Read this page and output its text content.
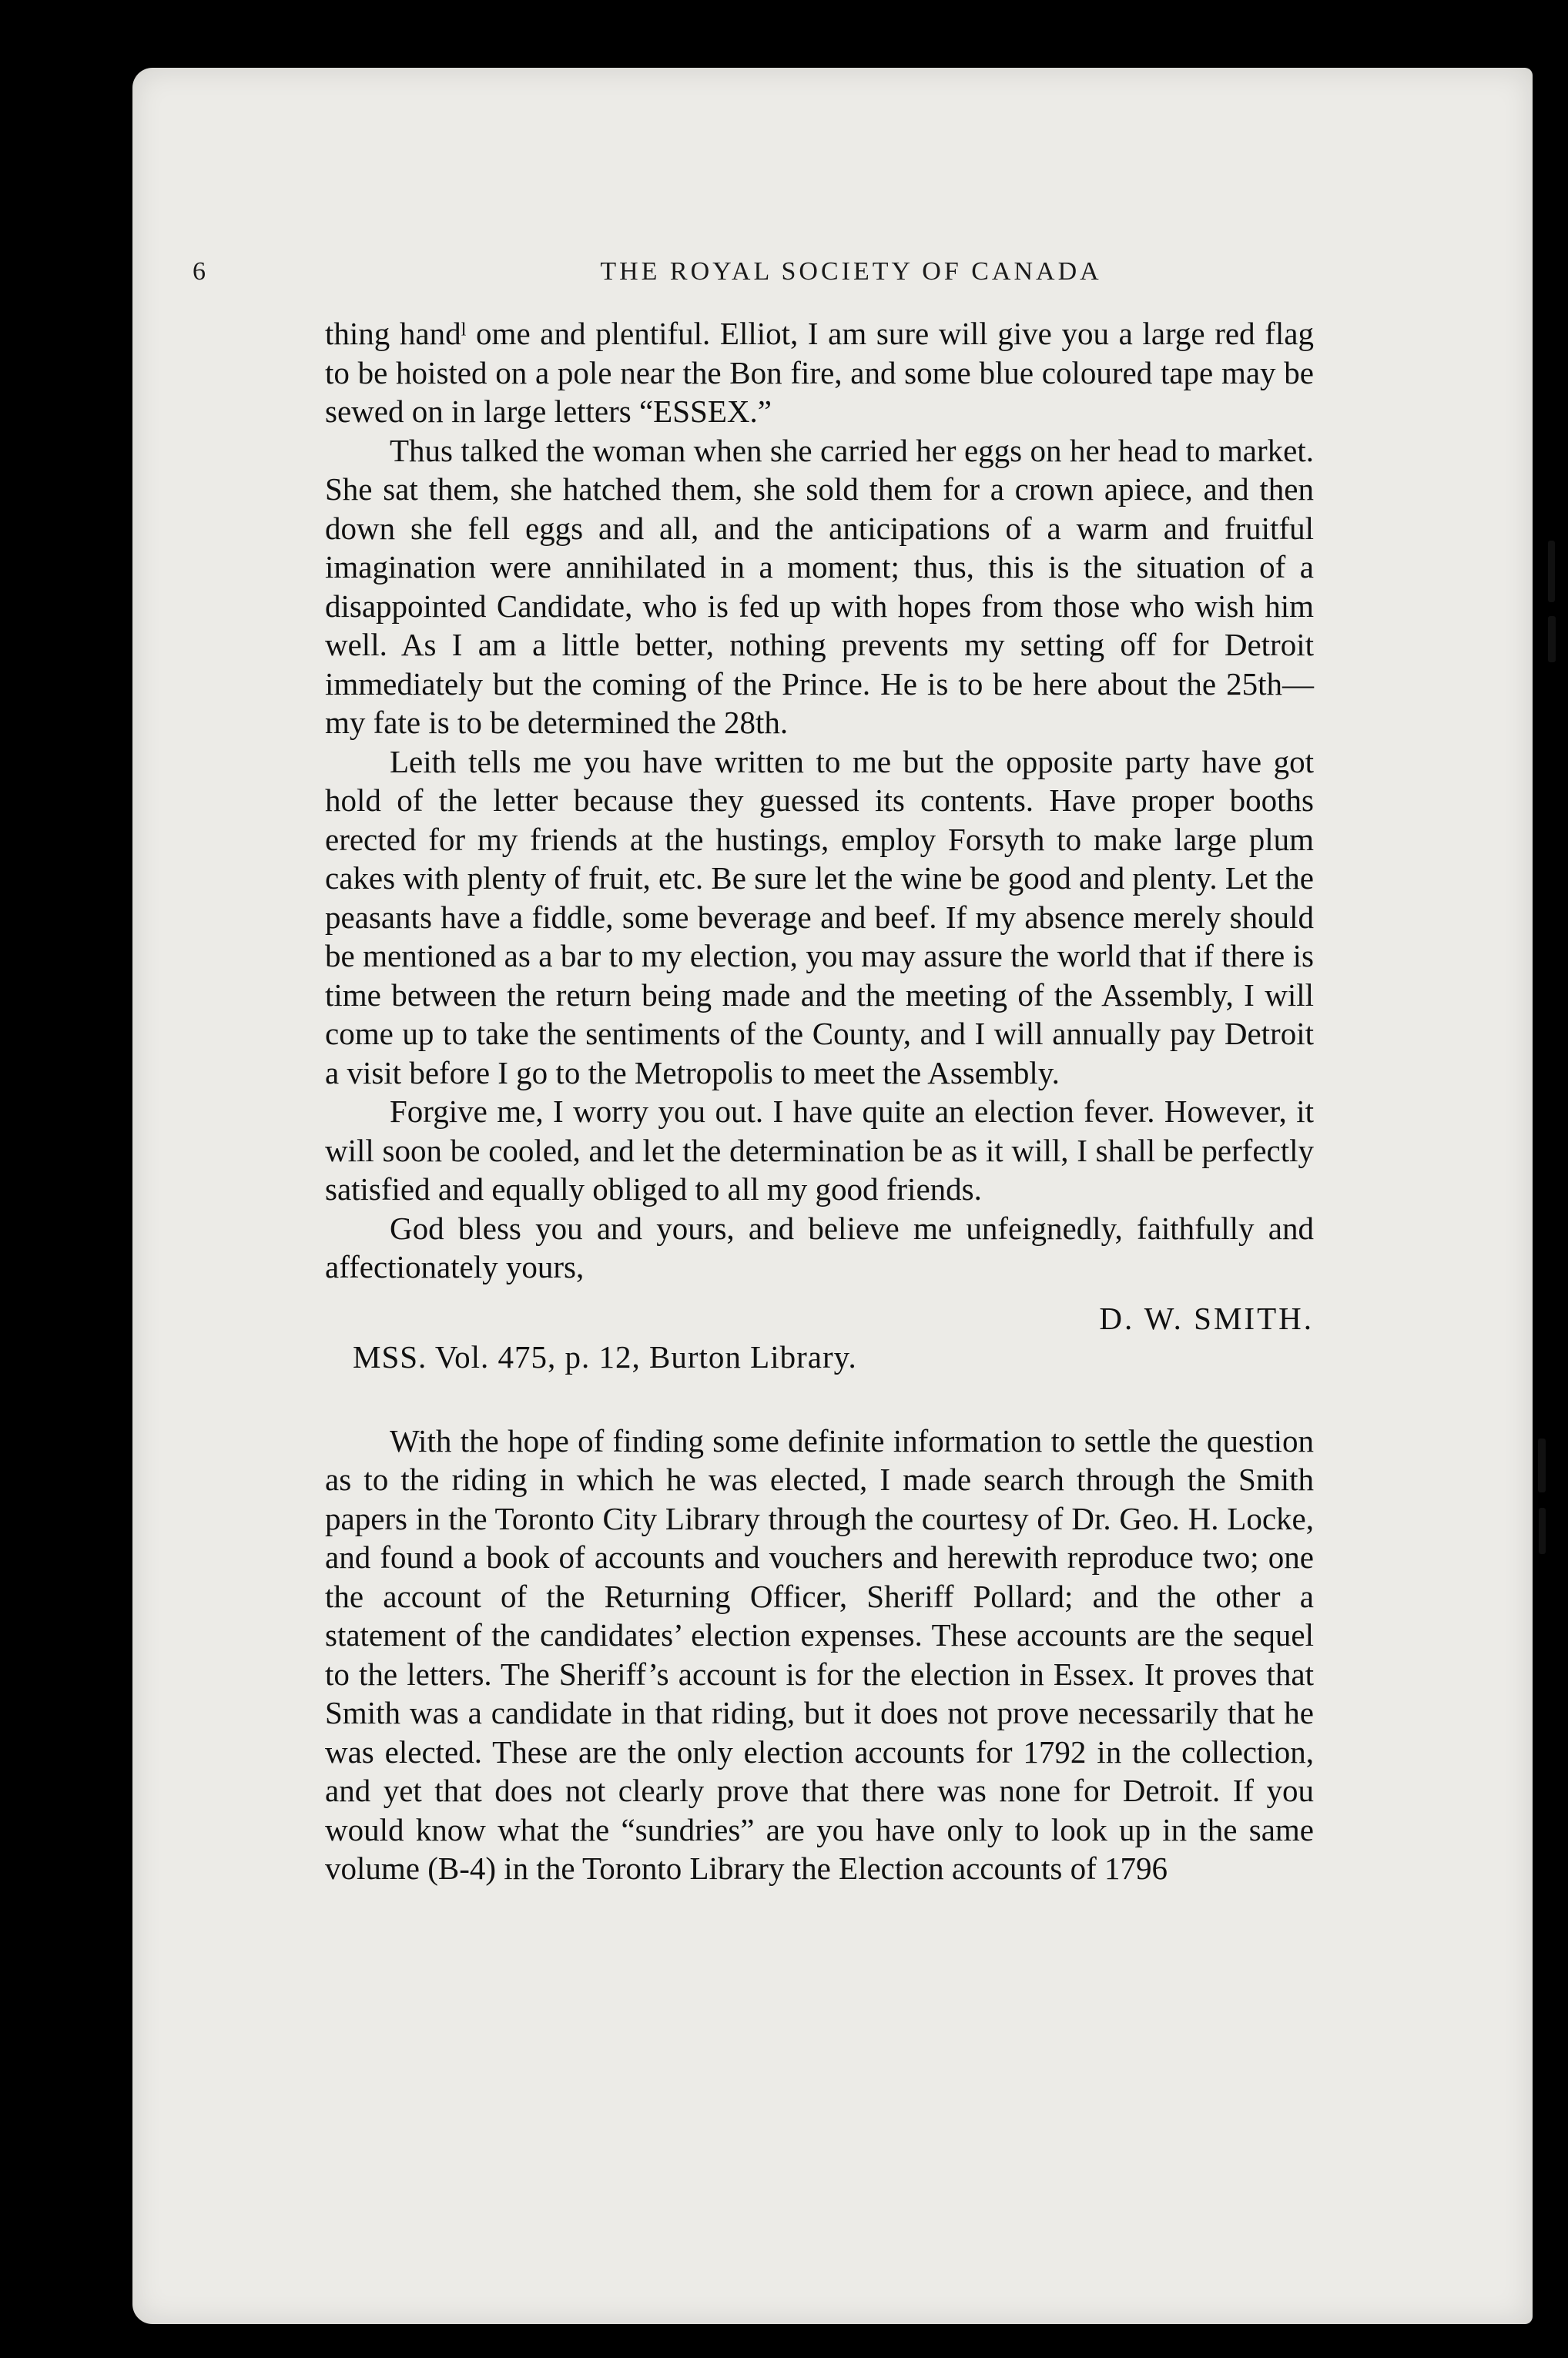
6	THE ROYAL SOCIETY OF CANADA

thing handˡ ome and plentiful. Elliot, I am sure will give you a large red flag to be hoisted on a pole near the Bon fire, and some blue coloured tape may be sewed on in large letters “ESSEX.”

Thus talked the woman when she carried her eggs on her head to market. She sat them, she hatched them, she sold them for a crown apiece, and then down she fell eggs and all, and the anticipations of a warm and fruitful imagination were annihilated in a moment; thus, this is the situation of a disappointed Candidate, who is fed up with hopes from those who wish him well. As I am a little better, nothing prevents my setting off for Detroit immediately but the coming of the Prince. He is to be here about the 25th—my fate is to be determined the 28th.

Leith tells me you have written to me but the opposite party have got hold of the letter because they guessed its contents. Have proper booths erected for my friends at the hustings, employ Forsyth to make large plum cakes with plenty of fruit, etc. Be sure let the wine be good and plenty. Let the peasants have a fiddle, some beverage and beef. If my absence merely should be mentioned as a bar to my election, you may assure the world that if there is time between the return being made and the meeting of the Assembly, I will come up to take the sentiments of the County, and I will annually pay Detroit a visit before I go to the Metropolis to meet the Assembly.

Forgive me, I worry you out. I have quite an election fever. However, it will soon be cooled, and let the determination be as it will, I shall be perfectly satisfied and equally obliged to all my good friends.

God bless you and yours, and believe me unfeignedly, faithfully and affectionately yours,

D. W. SMITH.
MSS. Vol. 475, p. 12, Burton Library.

With the hope of finding some definite information to settle the question as to the riding in which he was elected, I made search through the Smith papers in the Toronto City Library through the courtesy of Dr. Geo. H. Locke, and found a book of accounts and vouchers and herewith reproduce two; one the account of the Returning Officer, Sheriff Pollard; and the other a statement of the candidates’ election expenses. These accounts are the sequel to the letters. The Sheriff’s account is for the election in Essex. It proves that Smith was a candidate in that riding, but it does not prove necessarily that he was elected. These are the only election accounts for 1792 in the collection, and yet that does not clearly prove that there was none for Detroit. If you would know what the “sundries” are you have only to look up in the same volume (B-4) in the Toronto Library the Election accounts of 1796
